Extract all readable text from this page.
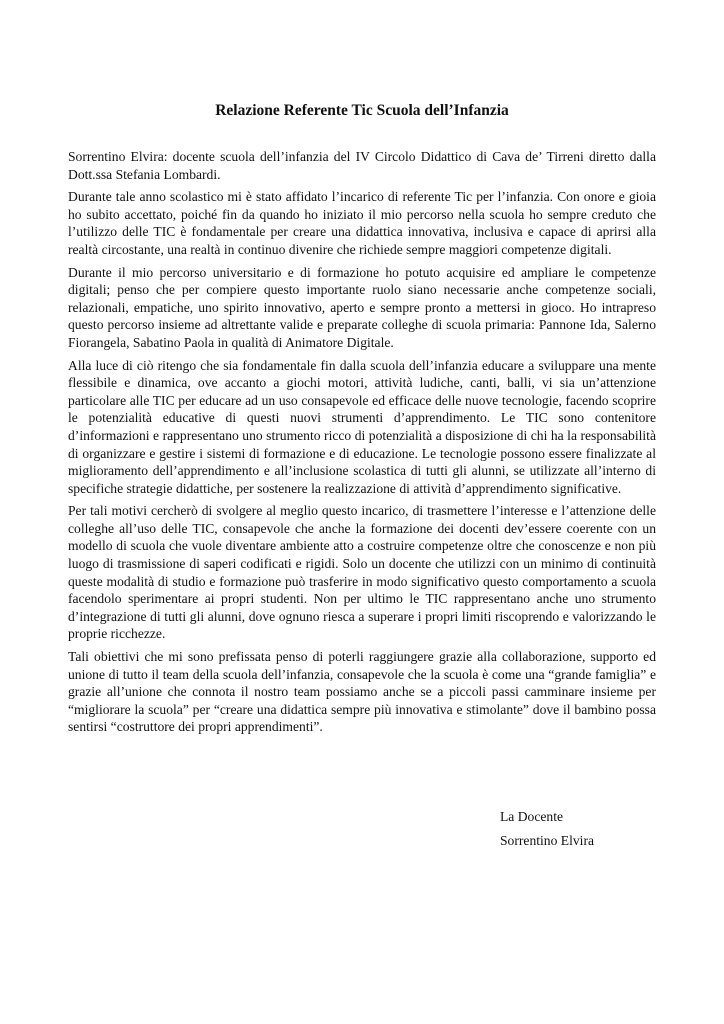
Relazione Referente Tic Scuola dell’Infanzia

Sorrentino Elvira: docente scuola dell’infanzia del IV Circolo Didattico di Cava de’ Tirreni diretto dalla Dott.ssa Stefania Lombardi.

Durante tale anno scolastico mi è stato affidato l’incarico di referente Tic per l’infanzia. Con onore e gioia ho subito accettato, poiché fin da quando ho iniziato il mio percorso nella scuola ho sempre creduto che l’utilizzo delle TIC è fondamentale per creare una didattica innovativa, inclusiva e capace di aprirsi alla realtà circostante, una realtà in continuo divenire che richiede sempre maggiori competenze digitali.

Durante il mio percorso universitario e di formazione ho potuto acquisire ed ampliare le competenze digitali; penso che per compiere questo importante ruolo siano necessarie anche competenze sociali, relazionali, empatiche, uno spirito innovativo, aperto e sempre pronto a mettersi in gioco. Ho intrapreso questo percorso insieme ad altrettante valide e preparate colleghe di scuola primaria: Pannone Ida, Salerno Fiorangela, Sabatino Paola in qualità di Animatore Digitale.

Alla luce di ciò ritengo che sia fondamentale fin dalla scuola dell’infanzia educare a sviluppare una mente flessibile e dinamica, ove accanto a giochi motori, attività ludiche, canti, balli, vi sia un’attenzione particolare alle TIC per educare ad un uso consapevole ed efficace delle nuove tecnologie, facendo scoprire le potenzialità educative di questi nuovi strumenti d’apprendimento. Le TIC sono contenitore d’informazioni e rappresentano uno strumento ricco di potenzialità a disposizione di chi ha la responsabilità di organizzare e gestire i sistemi di formazione e di educazione. Le tecnologie possono essere finalizzate al miglioramento dell’apprendimento e all’inclusione scolastica di tutti gli alunni, se utilizzate all’interno di specifiche strategie didattiche, per sostenere la realizzazione di attività d’apprendimento significative.

Per tali motivi cercherò di svolgere al meglio questo incarico, di trasmettere l’interesse e l’attenzione delle colleghe all’uso delle TIC, consapevole che anche la formazione dei docenti dev’essere coerente con un modello di scuola che vuole diventare ambiente atto a costruire competenze oltre che conoscenze e non più luogo di trasmissione di saperi codificati e rigidi. Solo un docente che utilizzi con un minimo di continuità queste modalità di studio e formazione può trasferire in modo significativo questo comportamento a scuola facendolo sperimentare ai propri studenti. Non per ultimo le TIC rappresentano anche uno strumento d’integrazione di tutti gli alunni, dove ognuno riesca a superare i propri limiti riscoprendo e valorizzando le proprie ricchezze.

Tali obiettivi che mi sono prefissata penso di poterli raggiungere grazie alla collaborazione, supporto ed unione di tutto il team della scuola dell’infanzia, consapevole che la scuola è come una “grande famiglia” e grazie all’unione che connota il nostro team possiamo anche se a piccoli passi camminare insieme per “migliorare la scuola” per “creare una didattica sempre più innovativa e stimolante” dove il bambino possa sentirsi “costruttore dei propri apprendimenti”.

La Docente
Sorrentino Elvira
